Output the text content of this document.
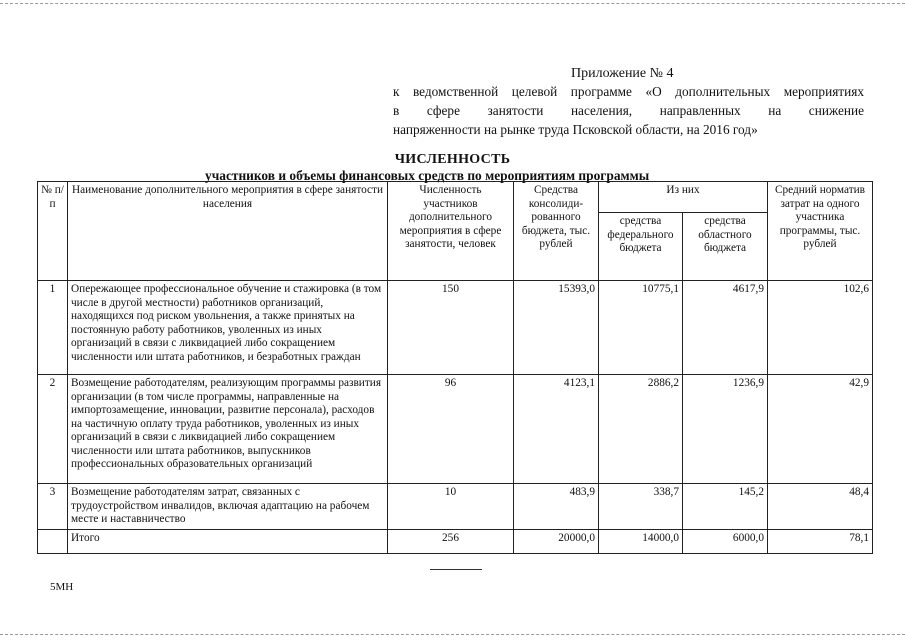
Приложение № 4
к ведомственной целевой программе «О дополнительных мероприятиях
в сфере занятости населения, направленных на снижение
напряженности на рынке труда Псковской области, на 2016 год»
ЧИСЛЕННОСТЬ
участников и объемы финансовых средств по мероприятиям программы
№ п/п	Наименование дополнительного мероприятия в сфере занятости населения	Численность участников дополнительного мероприятия в сфере занятости, человек	Средства консолиди-рованного бюджета, тыс. рублей	Из них		Средний норматив затрат на одного участника программы, тыс. рублей
				средства федерального бюджета	средства областного бюджета	
1	Опережающее профессиональное обучение и стажировка (в том числе в другой местности) работников организаций, находящихся под риском увольнения, а также принятых на постоянную работу работников, уволенных из иных организаций в связи с ликвидацией либо сокращением численности или штата работников, и безработных граждан	150	15393,0	10775,1	4617,9	102,6
2	Возмещение работодателям, реализующим программы развития организации (в том числе программы, направленные на импортозамещение, инновации, развитие персонала), расходов на частичную оплату труда работников, уволенных из иных организаций в связи с ликвидацией либо сокращением численности или штата работников, выпускников профессиональных образовательных организаций	96	4123,1	2886,2	1236,9	42,9
3	Возмещение работодателям затрат, связанных с трудоустройством инвалидов, включая адаптацию на рабочем месте и наставничество	10	483,9	338,7	145,2	48,4
	Итого	256	20000,0	14000,0	6000,0	78,1
5МН
